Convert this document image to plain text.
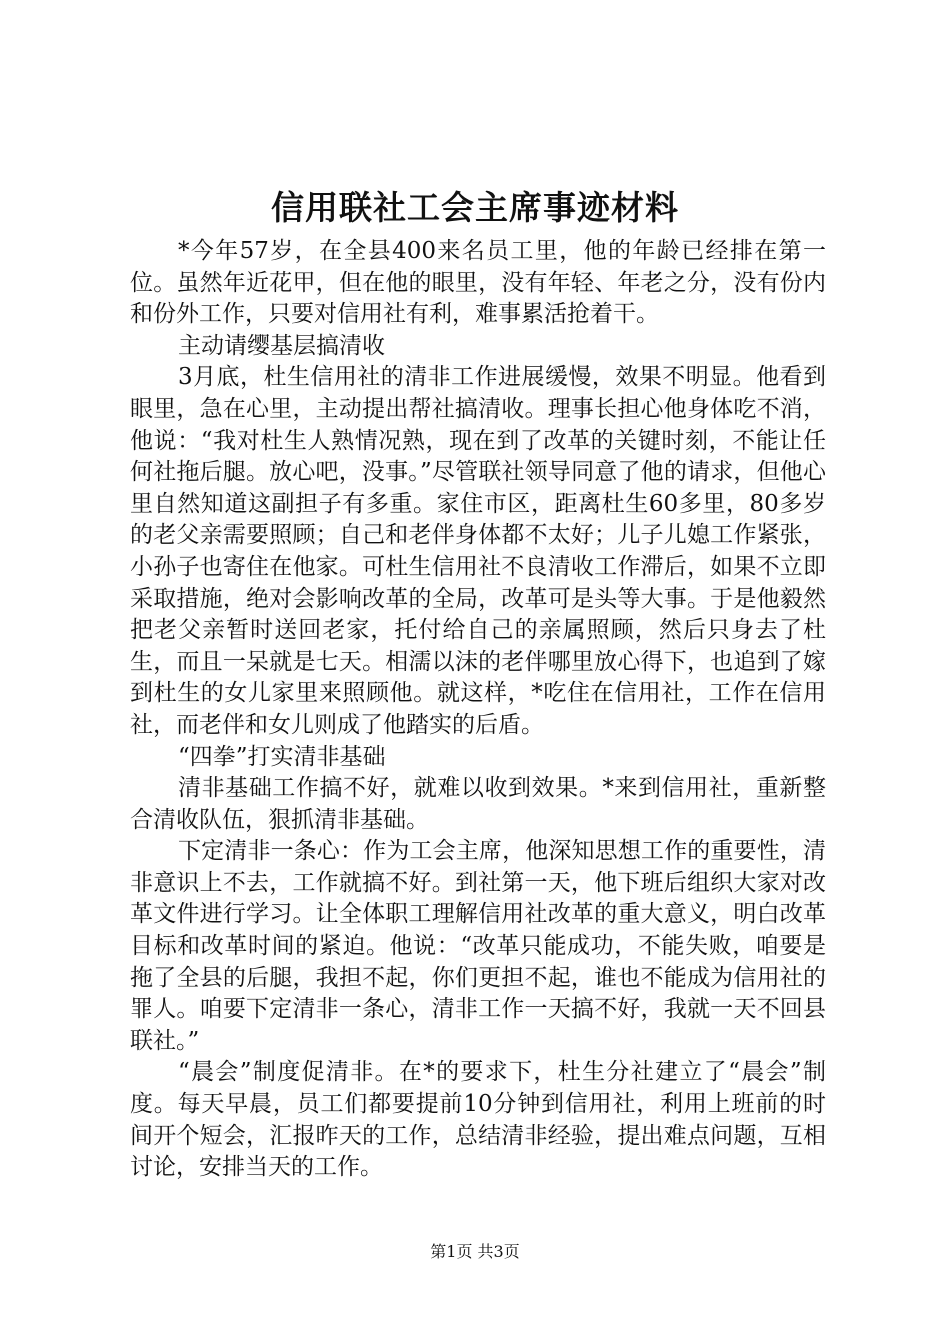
信用联社工会主席事迹材料

*今年57岁，在全县400来名员工里，他的年龄已经排在第一位。虽然年近花甲，但在他的眼里，没有年轻、年老之分，没有份内和份外工作，只要对信用社有利，难事累活抢着干。

主动请缨基层搞清收

3月底，杜生信用社的清非工作进展缓慢，效果不明显。他看到眼里，急在心里，主动提出帮社搞清收。理事长担心他身体吃不消，他说：“我对杜生人熟情况熟，现在到了改革的关键时刻，不能让任何社拖后腿。放心吧，没事。”尽管联社领导同意了他的请求，但他心里自然知道这副担子有多重。家住市区，距离杜生60多里，80多岁的老父亲需要照顾；自己和老伴身体都不太好；儿子儿媳工作紧张，小孙子也寄住在他家。可杜生信用社不良清收工作滞后，如果不立即采取措施，绝对会影响改革的全局，改革可是头等大事。于是他毅然把老父亲暂时送回老家，托付给自己的亲属照顾，然后只身去了杜生，而且一呆就是七天。相濡以沫的老伴哪里放心得下，也追到了嫁到杜生的女儿家里来照顾他。就这样，*吃住在信用社，工作在信用社，而老伴和女儿则成了他踏实的后盾。

“四拳”打实清非基础

清非基础工作搞不好，就难以收到效果。*来到信用社，重新整合清收队伍，狠抓清非基础。

下定清非一条心：作为工会主席，他深知思想工作的重要性，清非意识上不去，工作就搞不好。到社第一天，他下班后组织大家对改革文件进行学习。让全体职工理解信用社改革的重大意义，明白改革目标和改革时间的紧迫。他说：“改革只能成功，不能失败，咱要是拖了全县的后腿，我担不起，你们更担不起，谁也不能成为信用社的罪人。咱要下定清非一条心，清非工作一天搞不好，我就一天不回县联社。”

“晨会”制度促清非。在*的要求下，杜生分社建立了“晨会”制度。每天早晨，员工们都要提前10分钟到信用社，利用上班前的时间开个短会，汇报昨天的工作，总结清非经验，提出难点问题，互相讨论，安排当天的工作。

第1页 共3页
